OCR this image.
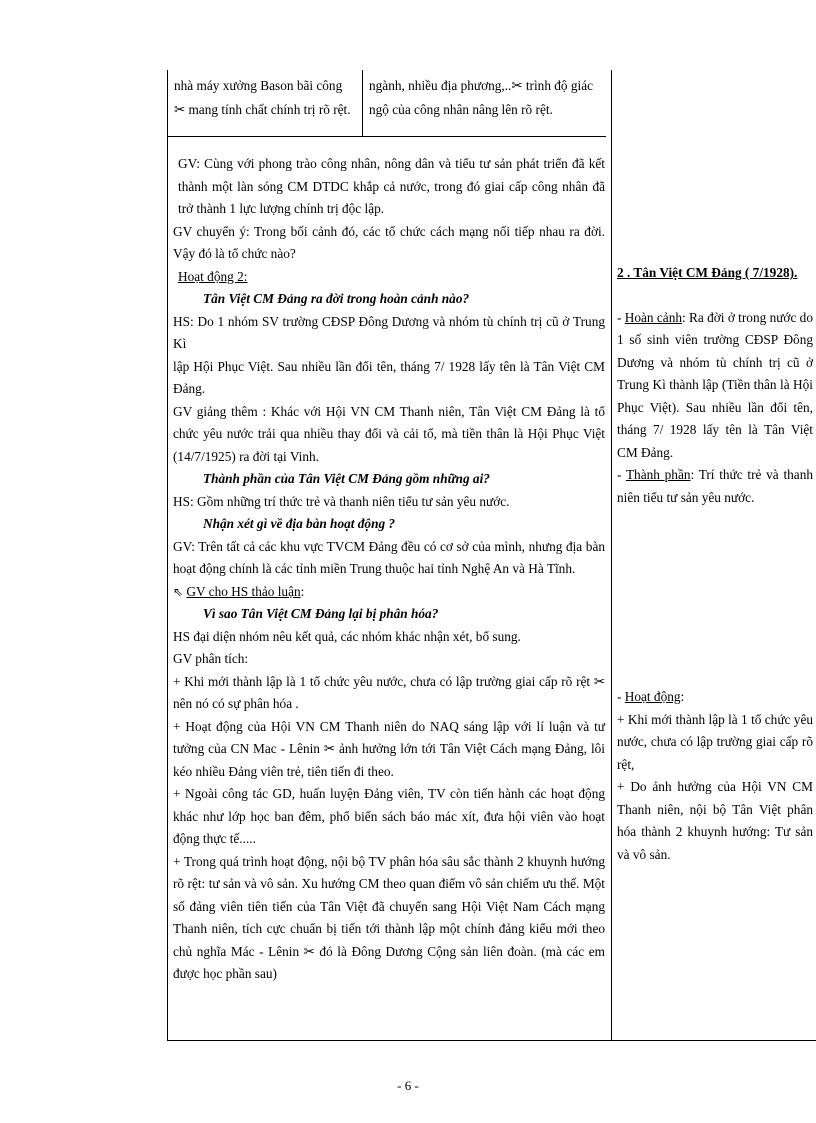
nhà máy xưởng Bason bãi công
✂ mang tính chất chính trị rõ rệt.
ngành, nhiều địa phương,..✂ trình độ giác
ngộ của công nhân nâng lên rõ rệt.
GV: Cùng với phong trào công nhân, nông dân và tiểu tư sản phát triển đã kết thành một làn sóng CM DTDC khắp cả nước, trong đó giai cấp công nhân đã trở thành 1 lực lượng chính trị độc lập.
GV chuyển ý: Trong bối cảnh đó, các tổ chức cách mạng nối tiếp nhau ra đời. Vậy đó là tổ chức nào?
Hoạt động 2:
Tân Việt CM Đảng ra đời trong hoàn cảnh nào?
HS: Do 1 nhóm SV trường CĐSP Đông Dương và nhóm tù chính trị cũ ở Trung Kì
lập Hội Phục Việt. Sau nhiều lần đổi tên, tháng 7/ 1928 lấy tên là Tân Việt CM Đảng.
GV giảng thêm : Khác với Hội VN CM Thanh niên, Tân Việt CM Đảng là tổ chức yêu nước trải qua nhiều thay đổi và cải tổ, mà tiền thân là Hội Phục Việt (14/7/1925) ra đời tại Vinh.
Thành phần của Tân Việt CM Đảng gồm những ai?
HS: Gồm những trí thức trẻ và thanh niên tiểu tư sản yêu nước.
Nhận xét gì về địa bàn hoạt động ?
GV: Trên tất cả các khu vực TVCM Đảng đều có cơ sở của mình, nhưng địa bàn hoạt động chính là các tỉnh miền Trung thuộc hai tỉnh Nghệ An và Hà Tĩnh.
⇖ GV cho HS thảo luận:
Vì sao Tân Việt CM Đảng lại bị phân hóa?
HS đại diện nhóm nêu kết quả, các nhóm khác nhận xét, bổ sung.
GV phân tích:
+ Khi mới thành lập là 1 tổ chức yêu nước, chưa có lập trường giai cấp rõ rệt ✂ nên nó có sự phân hóa .
+ Hoạt động của Hội VN CM Thanh niên do NAQ sáng lập với lí luận và tư tưởng của CN Mac - Lênin ✂ ảnh hưởng lớn tới Tân Việt Cách mạng Đảng, lôi kéo nhiều Đảng viên trẻ, tiên tiến đi theo.
+ Ngoài công tác GD, huấn luyện Đảng viên, TV còn tiến hành các hoạt động khác như lớp học ban đêm, phổ biến sách báo mác xít, đưa hội viên vào hoạt động thực tế.....
+ Trong quá trình hoạt động, nội bộ TV phân hóa sâu sắc thành 2 khuynh hướng rõ rệt: tư sản và vô sản. Xu hướng CM theo quan điểm vô sản chiếm ưu thế. Một số đảng viên tiên tiến của Tân Việt đã chuyển sang Hội Việt Nam Cách mạng Thanh niên, tích cực chuẩn bị tiến tới thành lập một chính đảng kiểu mới theo chủ nghĩa Mác - Lênin ✂ đó là Đông Dương Cộng sản liên đoàn. (mà các em được học phần sau)
2 . Tân Việt CM Đảng ( 7/1928).
- Hoàn cảnh: Ra đời ở trong nước do 1 số sinh viên trường CĐSP Đông Dương và nhóm tù chính trị cũ ở Trung Kì thành lập (Tiền thân là Hội Phục Việt). Sau nhiều lần đổi tên, tháng 7/ 1928 lấy tên là Tân Việt CM Đảng.
- Thành phần: Trí thức trẻ và thanh niên tiểu tư sản yêu nước.
- Hoạt động:
+ Khi mới thành lập là 1 tổ chức yêu nước, chưa có lập trường giai cấp rõ rệt,
+ Do ảnh hưởng của Hội VN CM Thanh niên, nội bộ Tân Việt phân hóa thành 2 khuynh hướng: Tư sản và vô sản.
- 6 -
